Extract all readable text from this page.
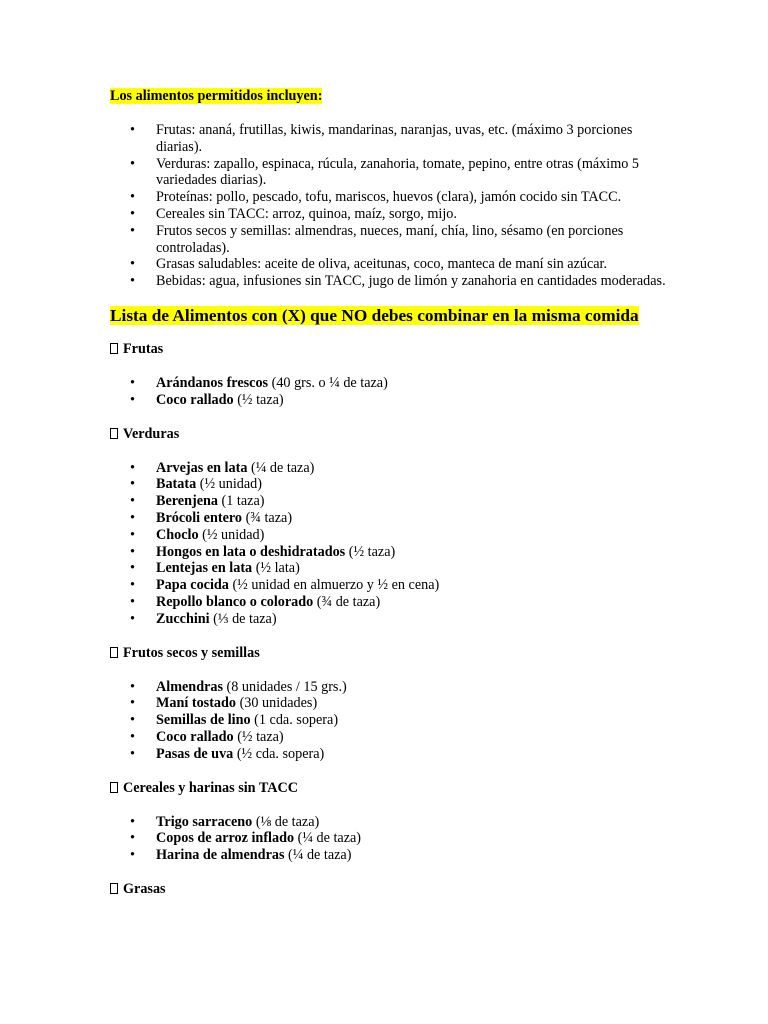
Los alimentos permitidos incluyen:

• Frutas: ananá, frutillas, kiwis, mandarinas, naranjas, uvas, etc. (máximo 3 porciones diarias).
• Verduras: zapallo, espinaca, rúcula, zanahoria, tomate, pepino, entre otras (máximo 5 variedades diarias).
• Proteínas: pollo, pescado, tofu, mariscos, huevos (clara), jamón cocido sin TACC.
• Cereales sin TACC: arroz, quinoa, maíz, sorgo, mijo.
• Frutos secos y semillas: almendras, nueces, maní, chía, lino, sésamo (en porciones controladas).
• Grasas saludables: aceite de oliva, aceitunas, coco, manteca de maní sin azúcar.
• Bebidas: agua, infusiones sin TACC, jugo de limón y zanahoria en cantidades moderadas.

Lista de Alimentos con (X) que NO debes combinar en la misma comida

Frutas

• Arándanos frescos (40 grs. o ¼ de taza)
• Coco rallado (½ taza)

Verduras

• Arvejas en lata (¼ de taza)
• Batata (½ unidad)
• Berenjena (1 taza)
• Brócoli entero (¾ taza)
• Choclo (½ unidad)
• Hongos en lata o deshidratados (½ taza)
• Lentejas en lata (½ lata)
• Papa cocida (½ unidad en almuerzo y ½ en cena)
• Repollo blanco o colorado (¾ de taza)
• Zucchini (⅓ de taza)

Frutos secos y semillas

• Almendras (8 unidades / 15 grs.)
• Maní tostado (30 unidades)
• Semillas de lino (1 cda. sopera)
• Coco rallado (½ taza)
• Pasas de uva (½ cda. sopera)

Cereales y harinas sin TACC

• Trigo sarraceno (⅛ de taza)
• Copos de arroz inflado (¼ de taza)
• Harina de almendras (¼ de taza)

Grasas
